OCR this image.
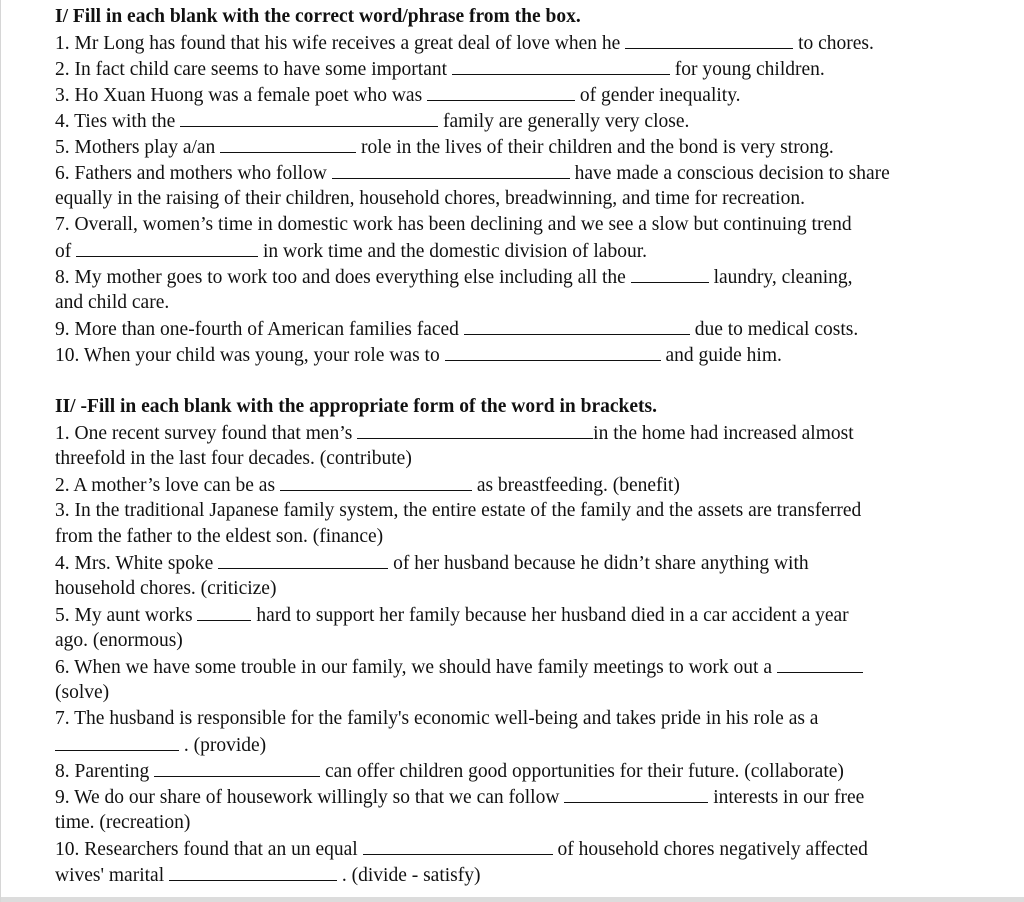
I/ Fill in each blank with the correct word/phrase from the box.
1. Mr Long has found that his wife receives a great deal of love when he	to chores.
2. In fact child care seems to have some important	for young children.
3. Ho Xuan Huong was a female poet who was	of gender inequality.
4. Ties with the	family are generally very close.
5. Mothers play a/an	role in the lives of their children and the bond is very strong.
6. Fathers and mothers who follow	have made a conscious decision to share
equally in the raising of their children, household chores, breadwinning, and time for recreation.
7. Overall, women’s time in domestic work has been declining and we see a slow but continuing trend
of	in work time and the domestic division of labour.
8. My mother goes to work too and does everything else including all the	laundry, cleaning,
and child care.
9. More than one-fourth of American families faced	due to medical costs.
10. When your child was young, your role was to	and guide him.
II/ -Fill in each blank with the appropriate form of the word in brackets.
1. One recent survey found that men’s	in the home had increased almost
threefold in the last four decades. (contribute)
2. A mother’s love can be as	as breastfeeding. (benefit)
3. In the traditional Japanese family system, the entire estate of the family and the assets are transferred
from the father to the eldest son. (finance)
4. Mrs. White spoke	of her husband because he didn’t share anything with
household chores. (criticize)
5. My aunt works	hard to support her family because her husband died in a car accident a year
ago. (enormous)
6. When we have some trouble in our family, we should have family meetings to work out a
(solve)
7. The husband is responsible for the family's economic well-being and takes pride in his role as a
. (provide)
8. Parenting	can offer children good opportunities for their future. (collaborate)
9. We do our share of housework willingly so that we can follow	interests in our free
time. (recreation)
10. Researchers found that an un equal	of household chores negatively affected
wives' marital	. (divide - satisfy)
